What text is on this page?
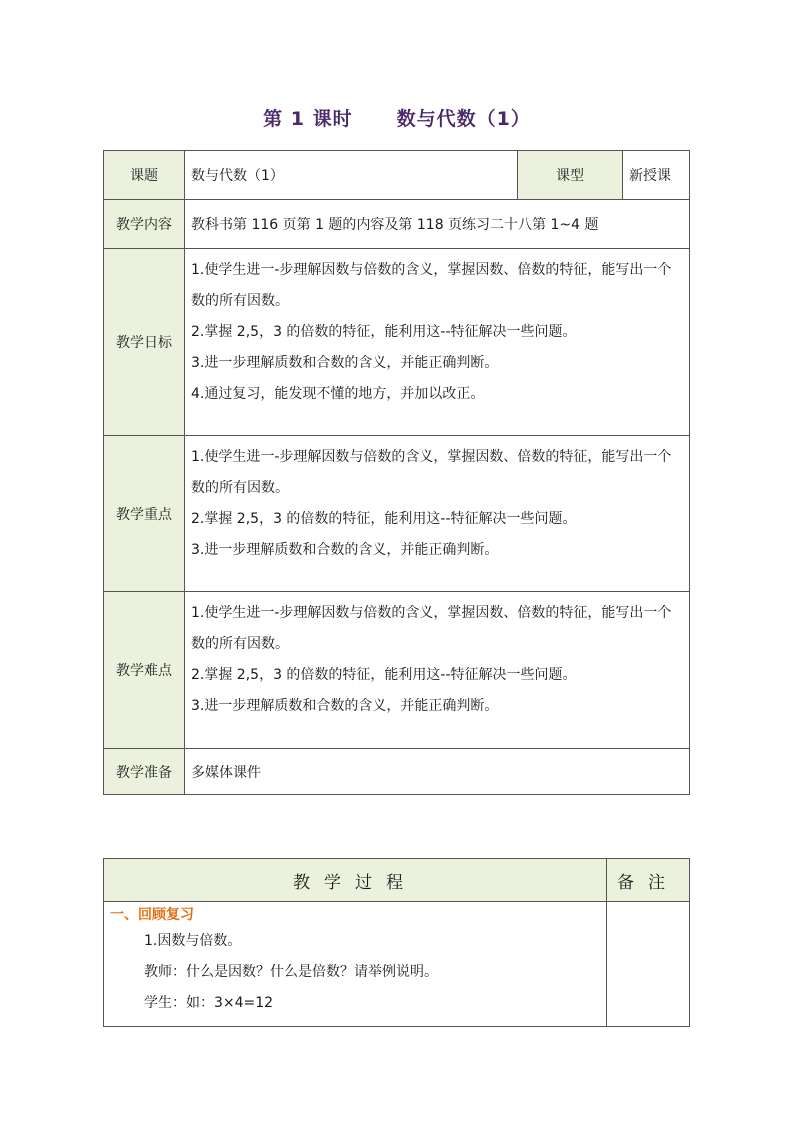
第 1 课时 数与代数（1）
课题	数与代数（1）	课型	新授课
教学内容	教科书第 116 页第 1 题的内容及第 118 页练习二十八第 1~4 题		
教学日标	1.使学生进一-步理解因数与倍数的含义，掌握因数、倍数的特征，能写出一个数的所有因数。
2.掌握 2,5，3 的倍数的特征，能利用这--特征解决一些问题。
3.进一步理解质数和合数的含义，并能正确判断。
4.通过复习，能发现不懂的地方，并加以改正。		

教学重点	1.使学生进一-步理解因数与倍数的含义，掌握因数、倍数的特征，能写出一个数的所有因数。
2.掌握 2,5，3 的倍数的特征，能利用这--特征解决一些问题。
3.进一步理解质数和合数的含义，并能正确判断。		

教学难点	1.使学生进一-步理解因数与倍数的含义，掌握因数、倍数的特征，能写出一个数的所有因数。
2.掌握 2,5，3 的倍数的特征，能利用这--特征解决一些问题。
3.进一步理解质数和合数的含义，并能正确判断。		

教学准备	多媒体课件		
教学过程	备注

一、回顾复习
1.因数与倍数。
教师：什么是因数？什么是倍数？请举例说明。
学生：如：3×4=12	
